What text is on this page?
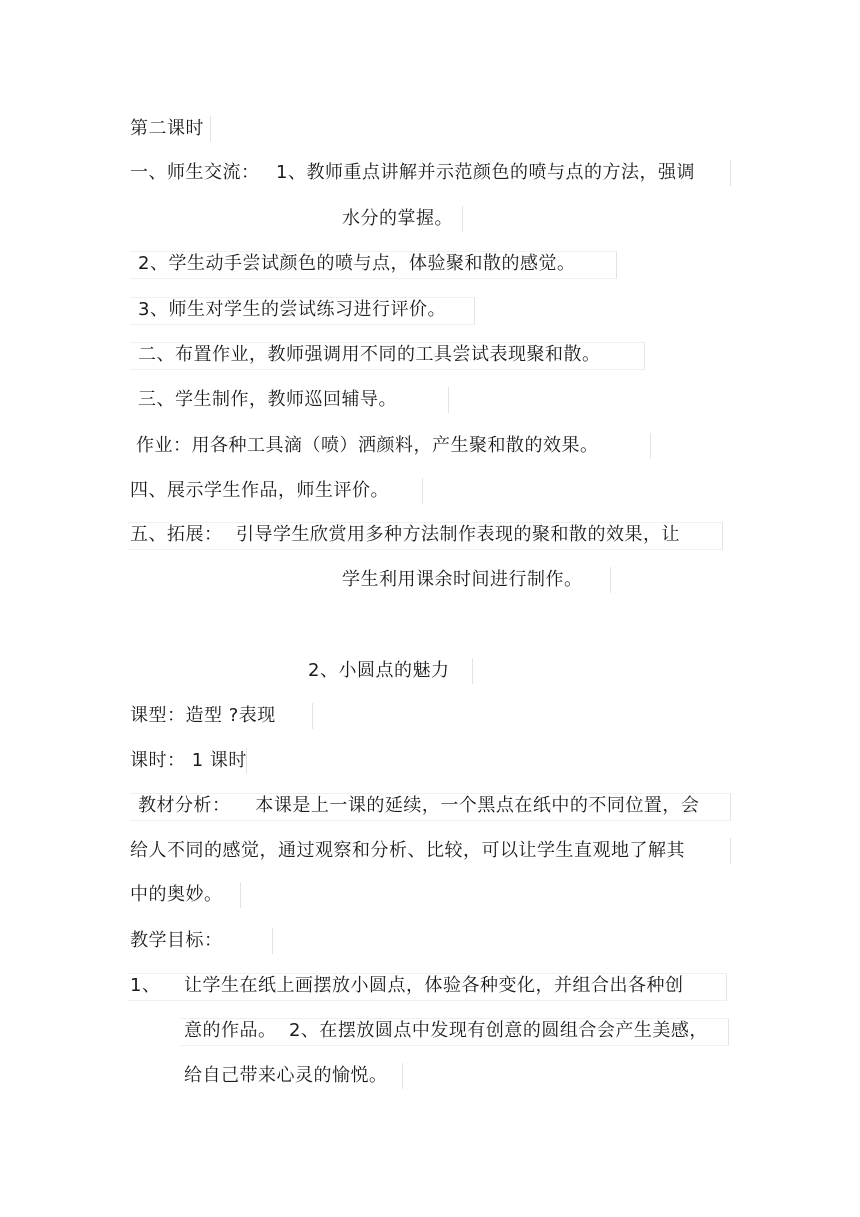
第二课时
一、师生交流： 1、教师重点讲解并示范颜色的喷与点的方法，强调
水分的掌握。
2、学生动手尝试颜色的喷与点，体验聚和散的感觉。
3、师生对学生的尝试练习进行评价。
二、布置作业，教师强调用不同的工具尝试表现聚和散。
三、学生制作，教师巡回辅导。
作业：用各种工具滴（喷）洒颜料，产生聚和散的效果。
四、展示学生作品，师生评价。
五、拓展： 引导学生欣赏用多种方法制作表现的聚和散的效果，让
学生利用课余时间进行制作。
2、小圆点的魅力
课型：造型 ?表现
课时： 1 课时
教材分析：    本课是上一课的延续，一个黑点在纸中的不同位置，会
给人不同的感觉，通过观察和分析、比较，可以让学生直观地了解其
中的奥妙。
教学目标：
1、 让学生在纸上画摆放小圆点，体验各种变化，并组合出各种创
意的作品。  2、在摆放圆点中发现有创意的圆组合会产生美感，
给自己带来心灵的愉悦。
